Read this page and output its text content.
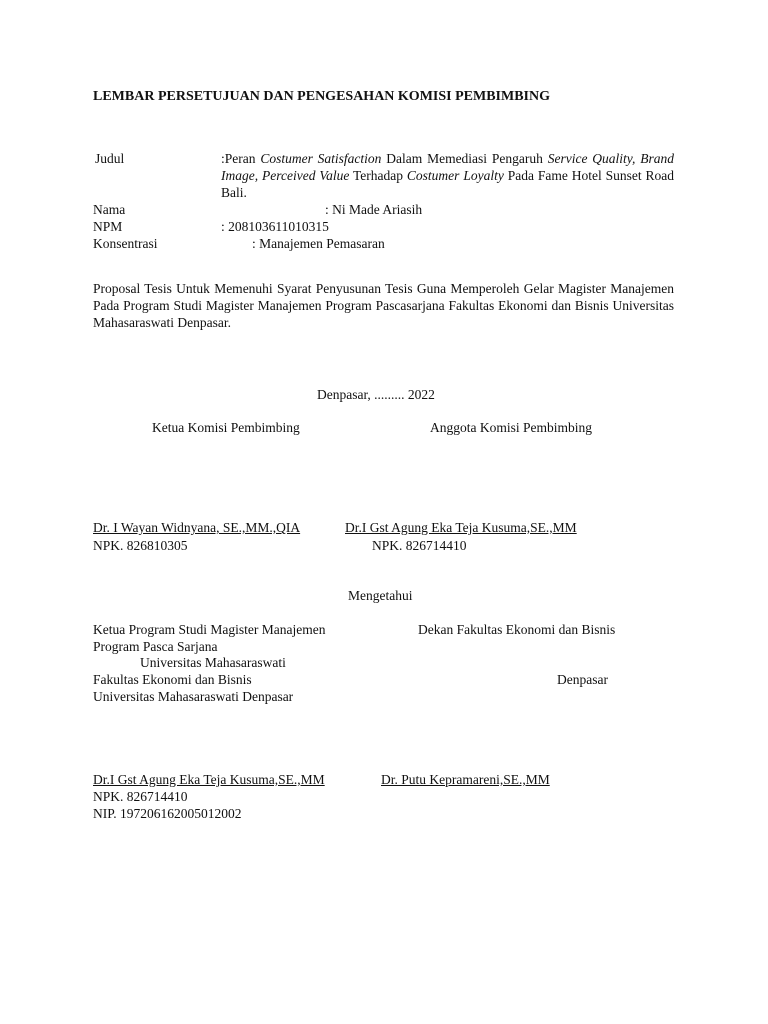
LEMBAR PERSETUJUAN DAN PENGESAHAN KOMISI PEMBIMBING
Judul	:Peran Costumer Satisfaction Dalam Memediasi Pengaruh Service Quality, Brand Image, Perceived Value Terhadap Costumer Loyalty Pada Fame Hotel Sunset Road Bali.
Nama	: Ni Made Ariasih
NPM	: 208103611010315
Konsentrasi	: Manajemen Pemasaran
Proposal Tesis Untuk Memenuhi Syarat Penyusunan Tesis Guna Memperoleh Gelar Magister Manajemen Pada Program Studi Magister Manajemen Program Pascasarjana Fakultas Ekonomi dan Bisnis Universitas Mahasaraswati Denpasar.
Denpasar, ......... 2022
Ketua Komisi Pembimbing	Anggota Komisi Pembimbing
Dr. I Wayan Widnyana, SE.,MM.,QIA	Dr.I Gst Agung Eka Teja Kusuma,SE.,MM
NPK. 826810305	NPK. 826714410
Mengetahui
Ketua Program Studi Magister Manajemen	Dekan Fakultas Ekonomi dan Bisnis
Program Pasca Sarjana
Universitas Mahasaraswati
Fakultas Ekonomi dan Bisnis	Denpasar
Universitas Mahasaraswati Denpasar
Dr.I Gst Agung Eka Teja Kusuma,SE.,MM	Dr. Putu Kepramareni,SE.,MM
NPK. 826714410
NIP. 197206162005012002
